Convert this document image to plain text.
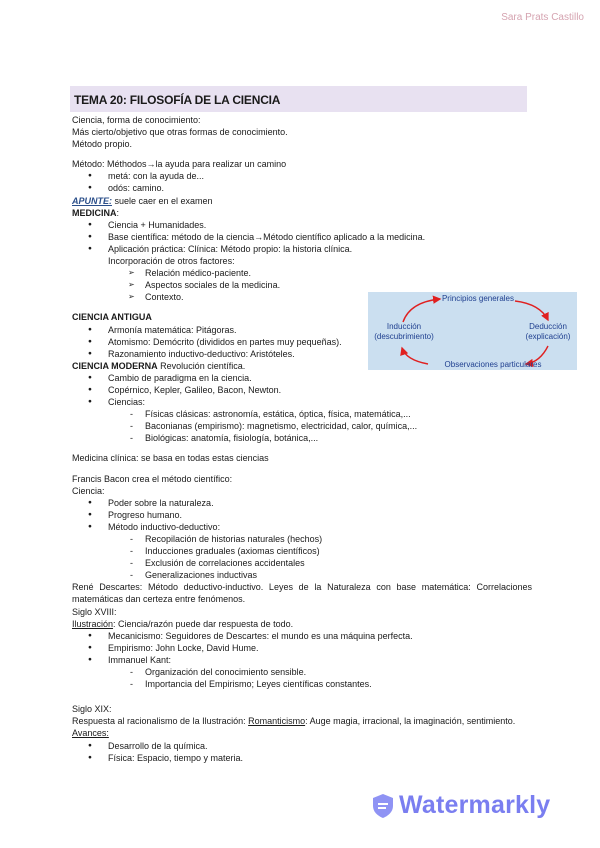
Sara Prats Castillo
TEMA 20: FILOSOFÍA DE LA CIENCIA

Ciencia, forma de conocimiento:

Más cierto/objetivo que otras formas de conocimiento.

Método propio.

Método: Méthodos→la ayuda para realizar un camino

● metá: con la ayuda de...

● odós: camino.

APUNTE: suele caer en el examen

MEDICINA:

● Ciencia + Humanidades.

● Base científica: método de la ciencia→Método científico aplicado a la medicina.

● Aplicación práctica: Clínica: Método propio: la historia clínica.

Incorporación de otros factores:

➢ Relación médico-paciente.

➢ Aspectos sociales de la medicina.

➢ Contexto.

CIENCIA ANTIGUA

● Armonía matemática: Pitágoras.

● Atomismo: Demócrito (divididos en partes muy pequeñas).

● Razonamiento inductivo-deductivo: Aristóteles.

CIENCIA MODERNA Revolución científica.

● Cambio de paradigma en la ciencia.

● Copérnico, Kepler, Galileo, Bacon, Newton.

● Ciencias:

- Físicas clásicas: astronomía, estática, óptica, física, matemática,...

- Baconianas (empirismo): magnetismo, electricidad, calor, química,...

- Biológicas: anatomía, fisiología, botánica,...

Medicina clínica: se basa en todas estas ciencias

Francis Bacon crea el método científico:

Ciencia:

● Poder sobre la naturaleza.

● Progreso humano.

● Método inductivo-deductivo:

- Recopilación de historias naturales (hechos)

- Inducciones graduales (axiomas científicos)

- Exclusión de correlaciones accidentales

- Generalizaciones inductivas

René Descartes: Método deductivo-inductivo. Leyes de la Naturaleza con base matemática: Correlaciones matemáticas dan certeza entre fenómenos.

Siglo XVIII:

Ilustración: Ciencia/razón puede dar respuesta de todo.

● Mecanicismo: Seguidores de Descartes: el mundo es una máquina perfecta.

● Empirismo: John Locke, David Hume.

● Immanuel Kant:

- Organización del conocimiento sensible.

- Importancia del Empirismo; Leyes científicas constantes.

Siglo XIX:

Respuesta al racionalismo de la Ilustración: Romanticismo: Auge magia, irracional, la imaginación, sentimiento.

Avances:

● Desarrollo de la química.

● Física: Espacio, tiempo y materia.

Principios generales
Inducción
(descubrimiento)
Deducción
(explicación)
Observaciones particulares
Watermarkly
